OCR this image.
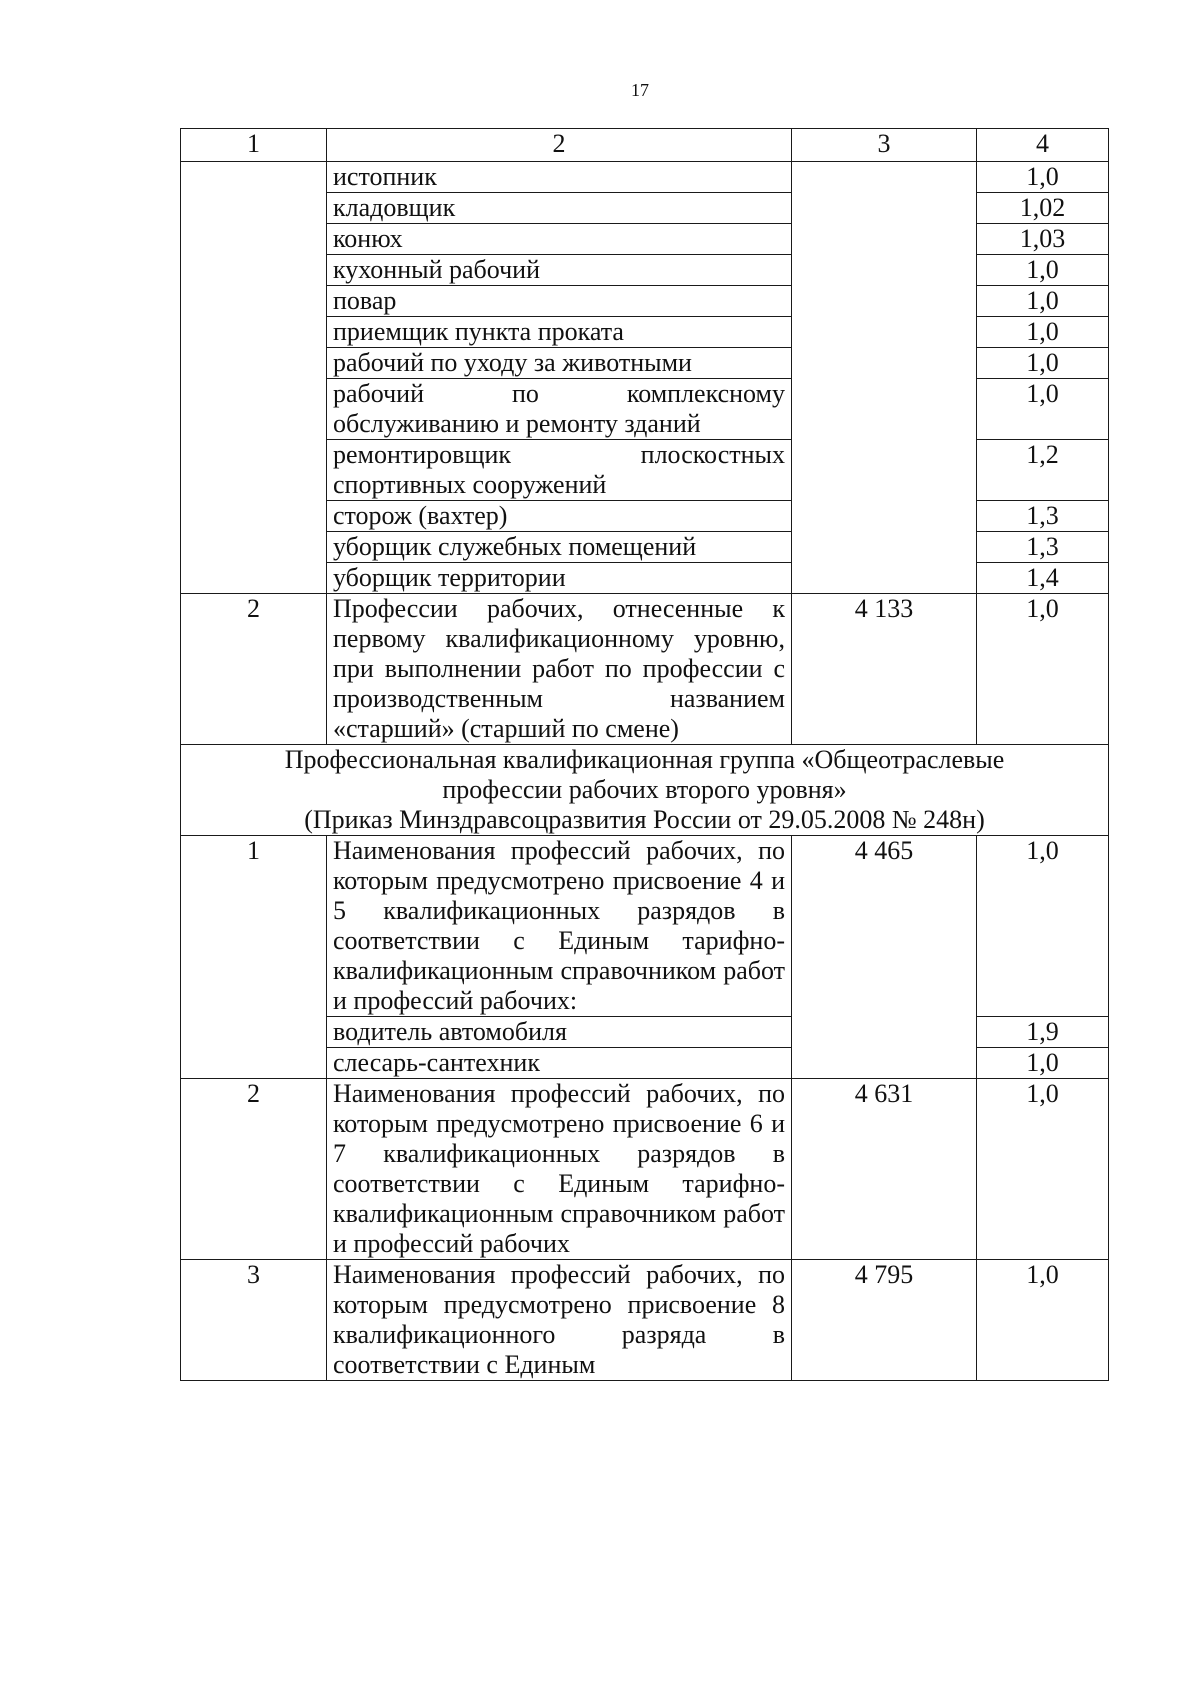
17
1	2	3	4
	истопник		1,0
	кладовщик		1,02
	конюх		1,03
	кухонный рабочий		1,0
	повар		1,0
	приемщик пункта проката		1,0
	рабочий по уходу за животными		1,0
	рабочий по комплексному обслуживанию и ремонту зданий		1,0
	ремонтировщик плоскостных спортивных сооружений		1,2
	сторож (вахтер)		1,3
	уборщик служебных помещений		1,3
	уборщик территории		1,4
2	Профессии рабочих, отнесенные к первому квалификационному уровню, при выполнении работ по профессии с производственным названием «старший» (старший по смене)	4 133	1,0

Профессиональная квалификационная группа «Общеотраслевые
профессии рабочих второго уровня»
(Приказ Минздравсоцразвития России от 29.05.2008 № 248н)			

1	Наименования профессий рабочих, по которым предусмотрено присвоение 4 и 5 квалификационных разрядов в соответствии с Единым тарифно-квалификационным справочником работ и профессий рабочих:	4 465	1,0
	водитель автомобиля		1,9
	слесарь-сантехник		1,0
2	Наименования профессий рабочих, по которым предусмотрено присвоение 6 и 7 квалификационных разрядов в соответствии с Единым тарифно-квалификационным справочником работ и профессий рабочих	4 631	1,0
3	Наименования профессий рабочих, по которым предусмотрено присвоение 8 квалификационного разряда в соответствии с Единым	4 795	1,0
